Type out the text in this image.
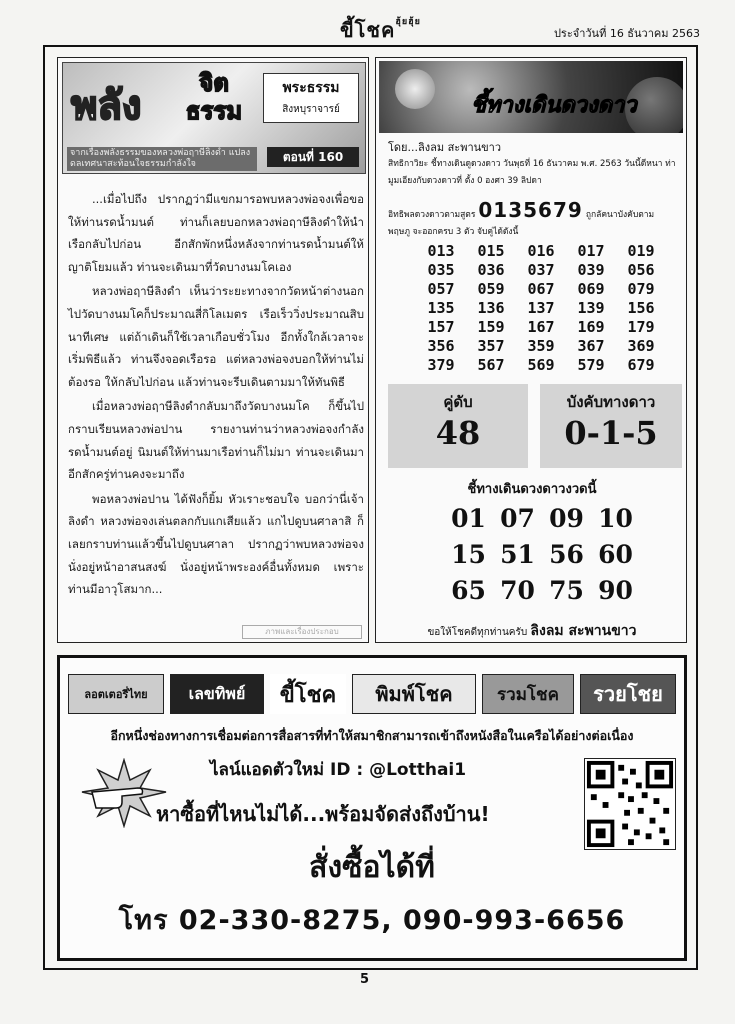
ขี้โชค$^{ฮุ้ยฮุ้ย}$
ประจำวันที่ 16 ธันวาคม 2563
พลัง	จิต ธรรม
พระธรรม
สิงหบุราจารย์
จากเรื่องพลังธรรมของหลวงพ่อฤาษีลิงดำ แปลงดลเทศนาสะท้อนใจธรรมกำลังใจ	ตอนที่ 160

...เมื่อไปถึง ปรากฏว่ามีแขกมารอพบหลวงพ่อจงเพื่อขอให้ท่านรดน้ำมนต์ ท่านก็เลยบอกหลวงพ่อฤาษีลิงดำให้นำเรือกลับไปก่อน อีกสักพักหนึ่งหลังจากท่านรดน้ำมนต์ให้ญาติโยมแล้ว ท่านจะเดินมาที่วัดบางนมโคเอง

หลวงพ่อฤาษีลิงดำ เห็นว่าระยะทางจากวัดหน้าต่างนอกไปวัดบางนมโคก็ประมาณสี่กิโลเมตร เรือเร็ววิ่งประมาณสิบนาทีเศษ แต่ถ้าเดินก็ใช้เวลาเกือบชั่วโมง อีกทั้งใกล้เวลาจะเริ่มพิธีแล้ว ท่านจึงจอดเรือรอ แต่หลวงพ่อจงบอกให้ท่านไม่ต้องรอ ให้กลับไปก่อน แล้วท่านจะรีบเดินตามมาให้ทันพิธี

เมื่อหลวงพ่อฤาษีลิงดำกลับมาถึงวัดบางนมโค ก็ขึ้นไปกราบเรียนหลวงพ่อปาน รายงานท่านว่าหลวงพ่อจงกำลังรดน้ำมนต์อยู่ นิมนต์ให้ท่านมาเรือท่านก็ไม่มา ท่านจะเดินมา อีกสักครู่ท่านคงจะมาถึง

พอหลวงพ่อปาน ได้ฟังก็ยิ้ม หัวเราะชอบใจ บอกว่านี่เจ้าลิงดำ หลวงพ่อจงเล่นตลกกับแกเสียแล้ว แกไปดูบนศาลาสิ ก็เลยกราบท่านแล้วขึ้นไปดูบนศาลา ปรากฏว่าพบหลวงพ่อจงนั่งอยู่หน้าอาสนสงฆ์ นั่งอยู่หน้าพระองค์อื่นทั้งหมด เพราะท่านมีอาวุโสมาก...

ภาพและเรื่องประกอบ
ชี้ทางเดินดวงดาว
โดย...ลิงลม สะพานขาว
สิทธิกาวิยะ ชี้ทางเดินดูดวงดาว วันพุธที่ 16 ธันวาคม พ.ศ. 2563 วันนี้ดีหนา ท่ามูมเอียงกับดวงดาวที่ ตั้ง 0 องศา 39 ลิปดา
อิทธิพลดวงดาวตามสูตร 0135679 ถูกลัคนาบังคับตาม
พฤษภู จะออกครบ 3 ตัว จับคู่ได้ดังนี้
013	015	016	017	019
035	036	037	039	056
057	059	067	069	079
135	136	137	139	156
157	159	167	169	179
356	357	359	367	369
379	567	569	579	679
คู่ดับ
48
บังคับทางดาว
0-1-5
ชี้ทางเดินดวงดาวงวดนี้
01 07 09 10
15 51 56 60
65 70 75 90
ขอให้โชคดีทุกท่านครับ ลิงลม สะพานขาว
ลอตเตอรี่ไทย	เลขทิพย์	ขี้โชค	พิมพ์โชค	รวมโชค	รวยโชย
อีกหนึ่งช่องทางการเชื่อมต่อการสื่อสารที่ทำให้สมาชิกสามารถเข้าถึงหนังสือในเครือได้อย่างต่อเนื่อง
ไลน์แอดตัวใหม่ ID : @Lotthai1
หาซื้อที่ไหนไม่ได้...พร้อมจัดส่งถึงบ้าน!
สั่งซื้อได้ที่
โทร 02-330-8275, 090-993-6656
5
